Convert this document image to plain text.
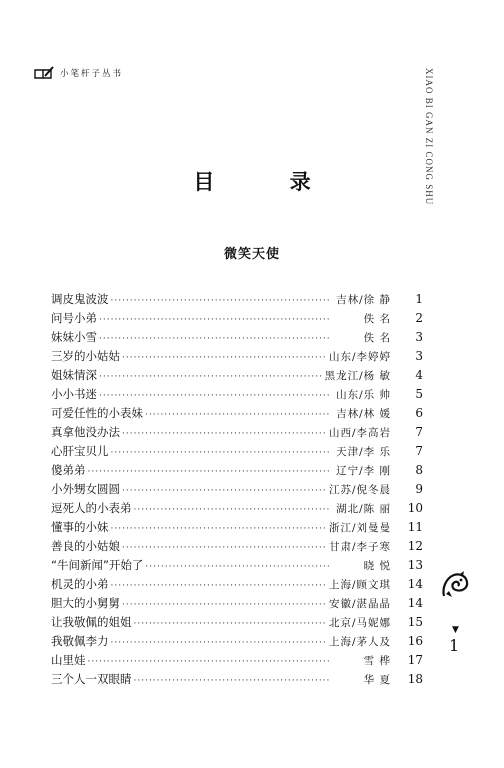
小笔杆子丛书	XIAO BI GAN ZI CONG SHU
目 录
微笑天使
调皮鬼波波 ·····	吉林/徐 静	1
问号小弟 ·····	佚 名	2
妹妹小雪 ·····	佚 名	3
三岁的小姑姑 ·····	山东/李婷婷	3
姐妹情深 ·····	黑龙江/杨 敏	4
小小书迷 ·····	山东/乐 帅	5
可爱任性的小表妹 ·····	吉林/林 媛	6
真拿他没办法 ·····	山西/李高岩	7
心肝宝贝儿 ·····	天津/李 乐	7
傻弟弟 ·····	辽宁/李 刚	8
小外甥女圆圆 ·····	江苏/倪冬晨	9
逗死人的小表弟 ·····	湖北/陈 丽	10
懂事的小妹 ·····	浙江/刘曼曼	11
善良的小姑娘 ·····	甘肃/李子寒	12
“牛间新闻”开始了 ·····	晓 悦	13
机灵的小弟 ·····	上海/顾文琪	14
胆大的小舅舅 ·····	安徽/湛晶晶	14
让我敬佩的姐姐 ·····	北京/马妮娜	15
我敬佩李力 ·····	上海/茅人及	16
山里娃 ·····	雪 桦	17
三个人一双眼睛 ·····	华 夏	18
▼
1
